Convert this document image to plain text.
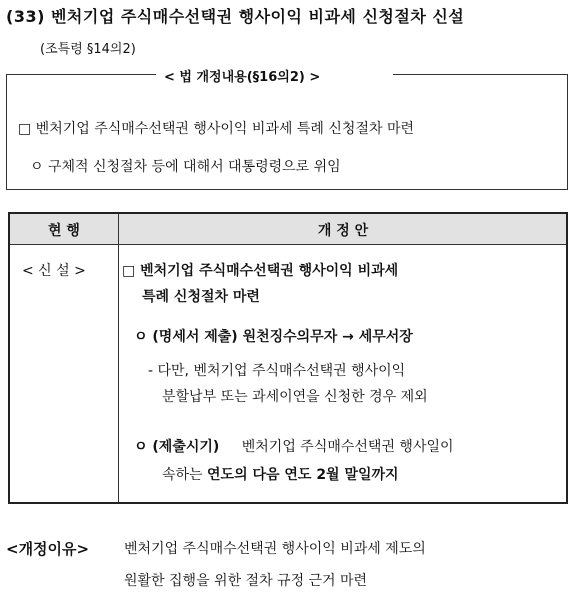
(33) 벤처기업 주식매수선택권 행사이익 비과세 신청절차 신설
(조특령 §14의2)
< 법 개정내용(§16의2) >
□ 벤처기업 주식매수선택권 행사이익 비과세 특례 신청절차 마련
ㅇ 구체적 신청절차 등에 대해서 대통령령으로 위임
현 행	개 정 안
< 신 설 >	□ 벤처기업 주식매수선택권 행사이익 비과세
특례 신청절차 마련
ㅇ (명세서 제출) 원천징수의무자 → 세무서장
- 다만, 벤처기업 주식매수선택권 행사이익
분할납부 또는 과세이연을 신청한 경우 제외
ㅇ (제출시기) 벤처기업 주식매수선택권 행사일이
속하는 연도의 다음 연도 2월 말일까지
<개정이유> 벤처기업 주식매수선택권 행사이익 비과세 제도의
원활한 집행을 위한 절차 규정 근거 마련
